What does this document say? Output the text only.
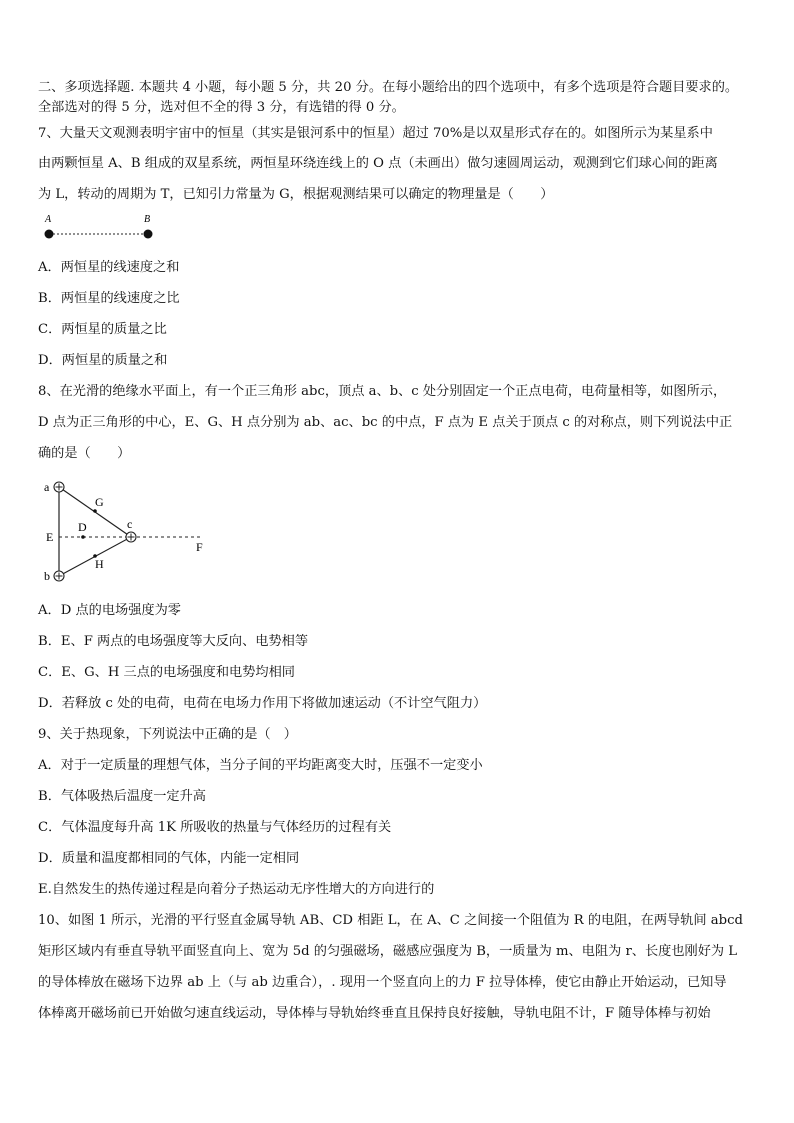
二、多项选择题. 本题共 4 小题，每小题 5 分，共 20 分。在每小题给出的四个选项中，有多个选项是符合题目要求的。
全部选对的得 5 分，选对但不全的得 3 分，有选错的得 0 分。
7、大量天文观测表明宇宙中的恒星（其实是银河系中的恒星）超过 70%是以双星形式存在的。如图所示为某星系中
由两颗恒星 A、B 组成的双星系统，两恒星环绕连线上的 O 点（未画出）做匀速圆周运动，观测到它们球心间的距离
为 L，转动的周期为 T，已知引力常量为 G，根据观测结果可以确定的物理量是（　　）
A	B
A．两恒星的线速度之和
B．两恒星的线速度之比
C．两恒星的质量之比
D．两恒星的质量之和
8、在光滑的绝缘水平面上，有一个正三角形 abc，顶点 a、b、c 处分别固定一个正点电荷，电荷量相等，如图所示，
D 点为正三角形的中心，E、G、H 点分别为 ab、ac、bc 的中点，F 点为 E 点关于顶点 c 的对称点，则下列说法中正
确的是（　　）
a
b
c
D
E
F
G
H
A．D 点的电场强度为零
B．E、F 两点的电场强度等大反向、电势相等
C．E、G、H 三点的电场强度和电势均相同
D．若释放 c 处的电荷，电荷在电场力作用下将做加速运动（不计空气阻力）
9、关于热现象，下列说法中正确的是（　）
A．对于一定质量的理想气体，当分子间的平均距离变大时，压强不一定变小
B．气体吸热后温度一定升高
C．气体温度每升高 1K 所吸收的热量与气体经历的过程有关
D．质量和温度都相同的气体，内能一定相同
E.自然发生的热传递过程是向着分子热运动无序性增大的方向进行的
10、如图 1 所示，光滑的平行竖直金属导轨 AB、CD 相距 L，在 A、C 之间接一个阻值为 R 的电阻，在两导轨间 abcd
矩形区域内有垂直导轨平面竖直向上、宽为 5d 的匀强磁场，磁感应强度为 B，一质量为 m、电阻为 r、长度也刚好为 L
的导体棒放在磁场下边界 ab 上（与 ab 边重合），. 现用一个竖直向上的力 F 拉导体棒，使它由静止开始运动，已知导
体棒离开磁场前已开始做匀速直线运动，导体棒与导轨始终垂直且保持良好接触，导轨电阻不计，F 随导体棒与初始
